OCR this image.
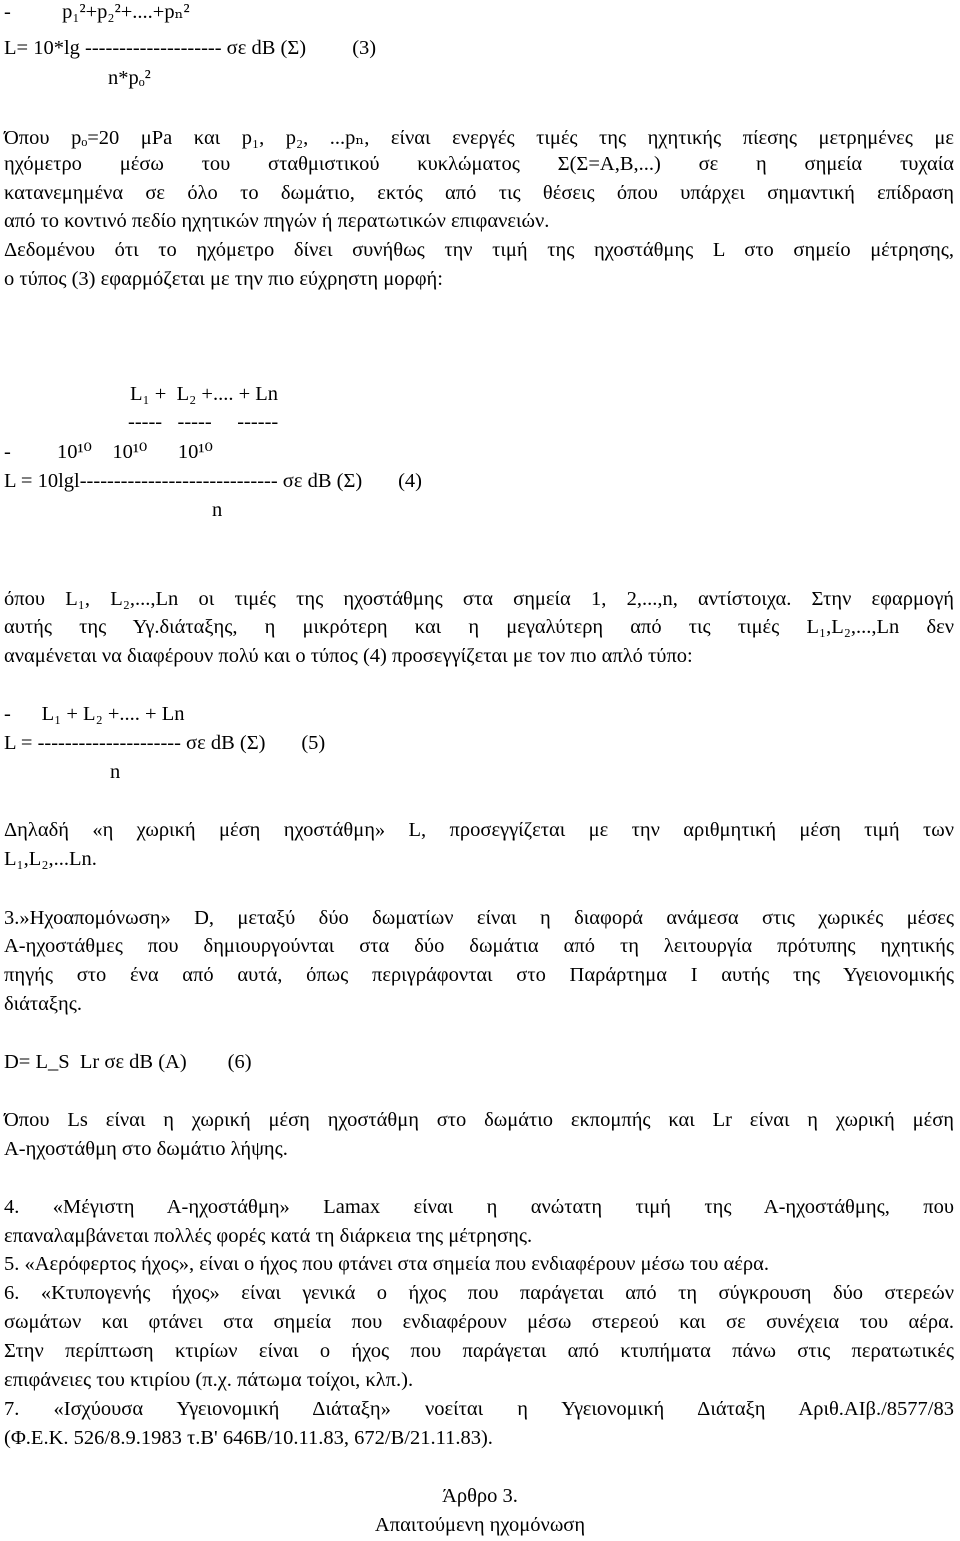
-          p₁²+p₂²+....+pₙ²
L= 10*lg -------------------- σε dB (Σ)         (3)
n*pₒ²
Όπου pₒ=20 μPa και p₁, p₂, ...pₙ, είναι ενεργές τιμές της ηχητικής πίεσης μετρημένες με
ηχόμετρο μέσω του σταθμιστικού κυκλώματος Σ(Σ=A,B,...) σε η σημεία τυχαία
κατανεμημένα σε όλο το δωμάτιο, εκτός από τις θέσεις όπου υπάρχει σημαντική επίδραση
από το κοντινό πεδίο ηχητικών πηγών ή περατωτικών επιφανειών.
Δεδομένου ότι το ηχόμετρο δίνει συνήθως την τιμή της ηχοστάθμης L στο σημείο μέτρησης,
ο τύπος (3) εφαρμόζεται με την πιο εύχρηστη μορφή:
L₁ +  L₂ +.... + Ln
-----   -----     ------
-         10¹⁰    10¹⁰      10¹⁰
L = 10lgl----------------------------- σε dB (Σ)       (4)
n
όπου L₁, L₂,...,Ln οι τιμές της ηχοστάθμης στα σημεία 1, 2,...,n, αντίστοιχα. Στην εφαρμογή
αυτής της Υγ.διάταξης, η μικρότερη και η μεγαλύτερη από τις τιμές L₁,L₂,...,Ln δεν
αναμένεται να διαφέρουν πολύ και ο τύπος (4) προσεγγίζεται με τον πιο απλό τύπο:
-      L₁ + L₂ +.... + Ln
L = --------------------- σε dB (Σ)       (5)
n
Δηλαδή «η χωρική μέση ηχοστάθμη» L, προσεγγίζεται με την αριθμητική μέση τιμή των
L₁,L₂,...Ln.
3.»Ηχοαπομόνωση» D, μεταξύ δύο δωματίων είναι η διαφορά ανάμεσα στις χωρικές μέσες
Α-ηχοστάθμες που δημιουργούνται στα δύο δωμάτια από τη λειτουργία πρότυπης ηχητικής
πηγής στο ένα από αυτά, όπως περιγράφονται στο Παράρτημα Ι αυτής της Υγειονομικής
διάταξης.
D= L_S  Lr σε dB (A)        (6)
Όπου Ls είναι η χωρική μέση ηχοστάθμη στο δωμάτιο εκπομπής και Lr είναι η χωρική μέση
Α-ηχοστάθμη στο δωμάτιο λήψης.
4. «Μέγιστη Α-ηχοστάθμη» Lamax είναι η ανώτατη τιμή της Α-ηχοστάθμης, που
επαναλαμβάνεται πολλές φορές κατά τη διάρκεια της μέτρησης.
5. «Αερόφερτος ήχος», είναι ο ήχος που φτάνει στα σημεία που ενδιαφέρουν μέσω του αέρα.
6. «Κτυπογενής ήχος» είναι γενικά ο ήχος που παράγεται από τη σύγκρουση δύο στερεών
σωμάτων και φτάνει στα σημεία που ενδιαφέρουν μέσω στερεού και σε συνέχεια του αέρα.
Στην περίπτωση κτιρίων είναι ο ήχος που παράγεται από κτυπήματα πάνω στις περατωτικές
επιφάνειες του κτιρίου (π.χ. πάτωμα τοίχοι, κλπ.).
7. «Ισχύουσα Υγειονομική Διάταξη» νοείται η Υγειονομική Διάταξη Αριθ.ΑΙβ./8577/83
(Φ.Ε.Κ. 526/8.9.1983 τ.Β' 646Β/10.11.83, 672/Β/21.11.83).
Άρθρο 3.
Απαιτούμενη ηχομόνωση
